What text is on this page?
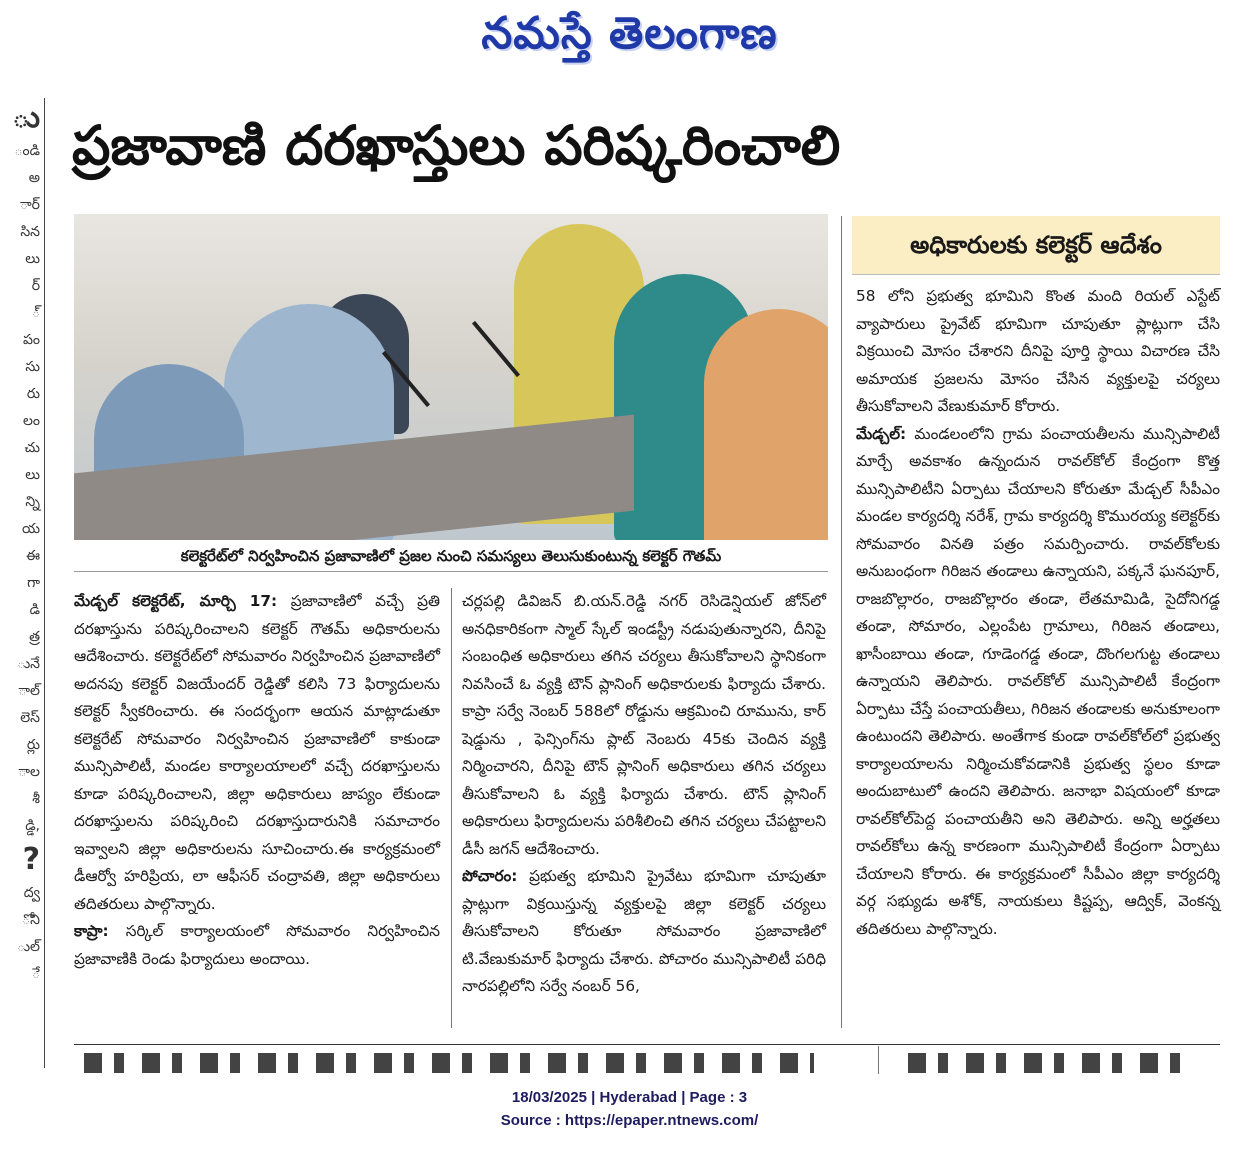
నమస్తే తెలంగాణ
ు
ండి
అ
ార్
సిన
లు
ర్
్
పం
సు
రు
లం
చు
లు
న్ని
య
ఈ
గా
డి
త్ర
ునే
ాల్
లెస్
ర్లు
ాల
శీ
డ్డి,
?
ద్వ
ోని
ుల్
ే
ప్రజావాణి దరఖాస్తులు పరిష్కరించాలి
కలెక్టరేట్‌లో నిర్వహించిన ప్రజావాణిలో ప్రజల నుంచి సమస్యలు తెలుసుకుంటున్న కలెక్టర్ గౌతమ్
అధికారులకు కలెక్టర్ ఆదేశం

మేడ్చల్ కలెక్టరేట్, మార్చి 17: ప్రజావాణిలో వచ్చే ప్రతి దరఖాస్తును పరిష్కరించాలని కలెక్టర్ గౌతమ్ అధికారులను ఆదేశించారు. కలెక్టరేట్‌లో సోమవారం నిర్వహించిన ప్రజావాణిలో అదనపు కలెక్టర్ విజయేందర్ రెడ్డితో కలిసి 73 ఫిర్యాదులను కలెక్టర్ స్వీకరించారు. ఈ సందర్భంగా ఆయన మాట్లాడుతూ కలెక్టరేట్ సోమవారం నిర్వహించిన ప్రజావాణిలో కాకుండా మున్సిపాలిటీ, మండల కార్యాలయాలలో వచ్చే దరఖాస్తులను కూడా పరిష్కరించాలని, జిల్లా అధికారులు జాప్యం లేకుండా దరఖాస్తులను పరిష్కరించి దరఖాస్తుదారునికి సమాచారం ఇవ్వాలని జిల్లా అధికారులను సూచించారు.ఈ కార్యక్రమంలో డీఆర్వో హరిప్రియ, లా ఆఫీసర్ చంద్రావతి, జిల్లా అధికారులు తదితరులు పాల్గొన్నారు.

కాప్రా: సర్కిల్ కార్యాలయంలో సోమవారం నిర్వహించిన ప్రజావాణికి రెండు ఫిర్యాదులు అందాయి.

చర్లపల్లి డివిజన్ బి.యన్.రెడ్డి నగర్ రెసిడెన్షియల్ జోన్‌లో అనధికారికంగా స్మాల్ స్కేల్ ఇండస్ట్రీ నడుపుతున్నారని, దీనిపై సంబంధిత అధికారులు తగిన చర్యలు తీసుకోవాలని స్థానికంగా నివసించే ఓ వ్యక్తి టౌన్ ప్లానింగ్ అధికారులకు ఫిర్యాదు చేశారు. కాప్రా సర్వే నెంబర్ 588లో రోడ్డును ఆక్రమించి రూమును, కార్ షెడ్డును , ఫెన్సింగ్‌ను ప్లాట్ నెంబరు 45కు చెందిన వ్యక్తి నిర్మించారని, దీనిపై టౌన్ ప్లానింగ్ అధికారులు తగిన చర్యలు తీసుకోవాలని ఓ వ్యక్తి ఫిర్యాదు చేశారు. టౌన్ ప్లానింగ్ అధికారులు ఫిర్యాదులను పరిశీలించి తగిన చర్యలు చేపట్టాలని డీసీ జగన్ ఆదేశించారు.

పోచారం: ప్రభుత్వ భూమిని ప్రైవేటు భూమిగా చూపుతూ ప్లాట్లుగా విక్రయిస్తున్న వ్యక్తులపై జిల్లా కలెక్టర్ చర్యలు తీసుకోవాలని కోరుతూ సోమవారం ప్రజావాణిలో టి.వేణుకుమార్ ఫిర్యాదు చేశారు. పోచారం మున్సిపాలిటీ పరిధి నారపల్లిలోని సర్వే నంబర్ 56,

58 లోని ప్రభుత్వ భూమిని కొంత మంది రియల్ ఎస్టేట్ వ్యాపారులు ప్రైవేట్ భూమిగా చూపుతూ ప్లాట్లుగా చేసి విక్రయించి మోసం చేశారని దీనిపై పూర్తి స్థాయి విచారణ చేసి అమాయక ప్రజలను మోసం చేసిన వ్యక్తులపై చర్యలు తీసుకోవాలని వేణుకుమార్ కోరారు.

మేడ్చల్: మండలంలోని గ్రామ పంచాయతీలను మున్సిపాలిటీ మార్చే అవకాశం ఉన్నందున రావల్‌కోల్ కేంద్రంగా కొత్త మున్సిపాలిటీని ఏర్పాటు చేయాలని కోరుతూ మేడ్చల్ సీపీఎం మండల కార్యదర్శి నరేశ్, గ్రామ కార్యదర్శి కొమురయ్య కలెక్టర్‌కు సోమవారం వినతి పత్రం సమర్పించారు. రావల్‌కోలకు అనుబంధంగా గిరిజన తండాలు ఉన్నాయని, పక్కనే ఘనపూర్, రాజబొల్లారం, రాజబొల్లారం తండా, లేతమామిడి, సైదోనిగడ్డ తండా, సోమారం, ఎల్లంపేట గ్రామాలు, గిరిజన తండాలు, ఖాసీంబాయి తండా, గూడెంగడ్డ తండా, దొంగలగుట్ట తండాలు ఉన్నాయని తెలిపారు. రావల్‌కోల్ మున్సిపాలిటీ కేంద్రంగా ఏర్పాటు చేస్తే పంచాయతీలు, గిరిజన తండాలకు అనుకూలంగా ఉంటుందని తెలిపారు. అంతేగాక కుండా రావల్‌కోల్‌లో ప్రభుత్వ కార్యాలయాలను నిర్మించుకోవడానికి ప్రభుత్వ స్థలం కూడా అందుబాటులో ఉందని తెలిపారు. జనాభా విషయంలో కూడా రావల్‌కోల్‌పెద్ద పంచాయతీని అని తెలిపారు. అన్ని అర్హతలు రావల్‌కోలు ఉన్న కారణంగా మున్సిపాలిటీ కేంద్రంగా ఏర్పాటు చేయాలని కోరారు. ఈ కార్యక్రమంలో సీపీఎం జిల్లా కార్యదర్శి వర్గ సభ్యుడు అశోక్, నాయకులు కిష్టప్ప, ఆద్విక్, వెంకన్న తదితరులు పాల్గొన్నారు.

18/03/2025 | Hyderabad | Page : 3
Source : https://epaper.ntnews.com/
